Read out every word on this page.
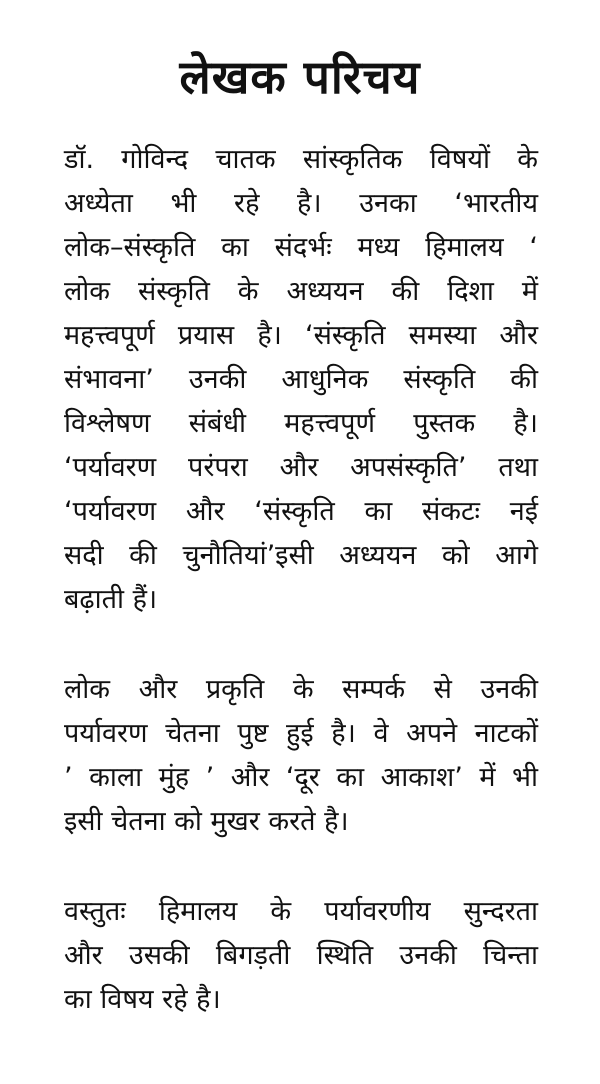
लेखक परिचय
डॉ. गोविन्द चातक सांस्कृतिक विषयों के
अध्येता भी रहे है। उनका ‘भारतीय
लोक–संस्कृति का संदर्भः मध्य हिमालय ‘
लोक संस्कृति के अध्ययन की दिशा में
महत्त्वपूर्ण प्रयास है। ‘संस्कृति समस्या और
संभावना’ उनकी आधुनिक संस्कृति की
विश्लेषण संबंधी महत्त्वपूर्ण पुस्तक है।
‘पर्यावरण परंपरा और अपसंस्कृति’ तथा
‘पर्यावरण और ‘संस्कृति का संकटः नई
सदी की चुनौतियां’इसी अध्ययन को आगे
बढ़ाती हैं।
लोक और प्रकृति के सम्पर्क से उनकी
पर्यावरण चेतना पुष्ट हुई है। वे अपने नाटकों
’ काला मुंह ’ और ‘दूर का आकाश’ में भी
इसी चेतना को मुखर करते है।
वस्तुतः हिमालय के पर्यावरणीय सुन्दरता
और उसकी बिगड़ती स्थिति उनकी चिन्ता
का विषय रहे है।
